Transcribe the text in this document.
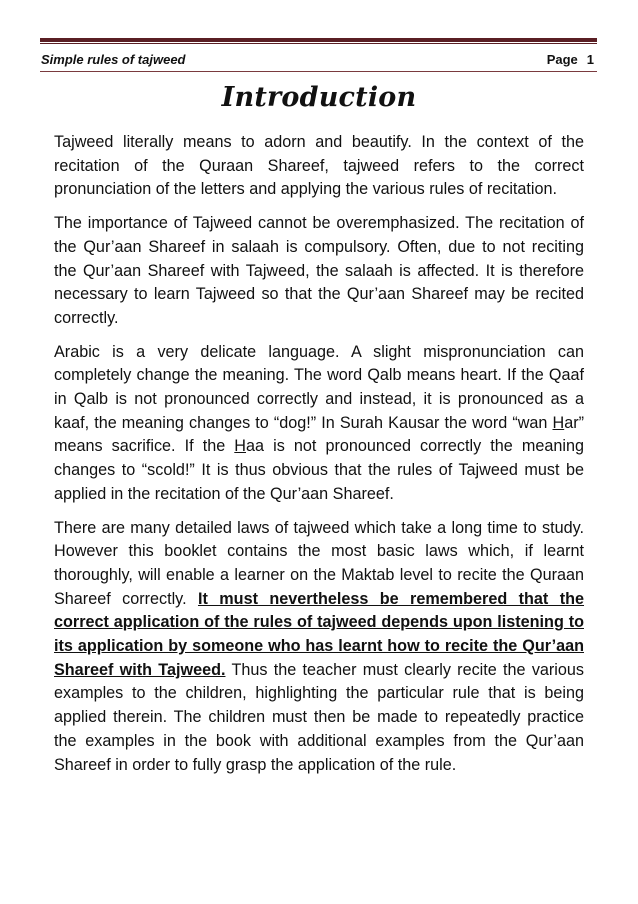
Simple rules of tajweed	Page 1
Introduction

Tajweed literally means to adorn and beautify. In the context of the recitation of the Quraan Shareef, tajweed refers to the correct pronunciation of the letters and applying the various rules of recitation.

The importance of Tajweed cannot be overemphasized. The recitation of the Qur’aan Shareef in salaah is compulsory. Often, due to not reciting the Qur’aan Shareef with Tajweed, the salaah is affected. It is therefore necessary to learn Tajweed so that the Qur’aan Shareef may be recited correctly.

Arabic is a very delicate language. A slight mispronunciation can completely change the meaning. The word Qalb means heart. If the Qaaf in Qalb is not pronounced correctly and instead, it is pronounced as a kaaf, the meaning changes to “dog!” In Surah Kausar the word “wan Har” means sacrifice. If the Haa is not pronounced correctly the meaning changes to “scold!” It is thus obvious that the rules of Tajweed must be applied in the recitation of the Qur’aan Shareef.

There are many detailed laws of tajweed which take a long time to study. However this booklet contains the most basic laws which, if learnt thoroughly, will enable a learner on the Maktab level to recite the Quraan Shareef correctly. It must nevertheless be remembered that the correct application of the rules of tajweed depends upon listening to its application by someone who has learnt how to recite the Qur’aan Shareef with Tajweed. Thus the teacher must clearly recite the various examples to the children, highlighting the particular rule that is being applied therein. The children must then be made to repeatedly practice the examples in the book with additional examples from the Qur’aan Shareef in order to fully grasp the application of the rule.
